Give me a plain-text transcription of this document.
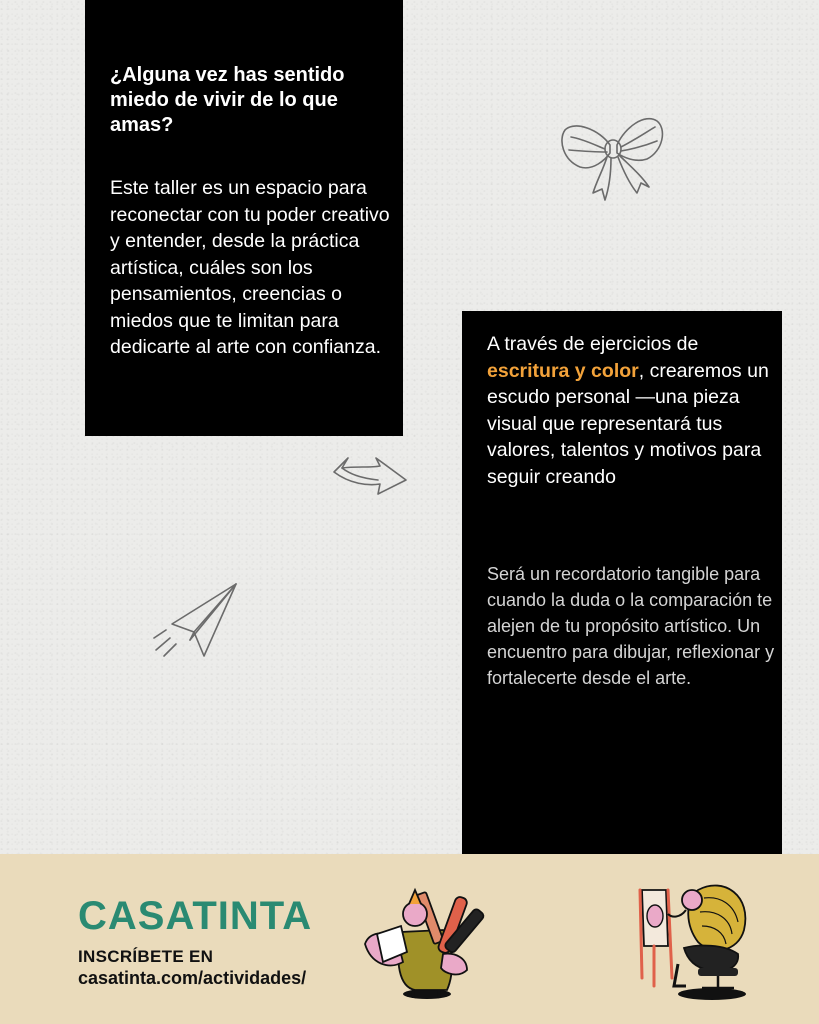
¿Alguna vez has sentido miedo de vivir de lo que amas?

Este taller es un espacio para reconectar con tu poder creativo y entender, desde la práctica artística, cuáles son los pensamientos, creencias o miedos que te limitan para dedicarte al arte con confianza.	A través de ejercicios de escritura y color, crearemos un escudo personal —una pieza visual que representará tus valores, talentos y motivos para seguir creando

Será un recordatorio tangible para cuando la duda o la comparación te alejen de tu propósito artístico. Un encuentro para dibujar, reflexionar y fortalecerte desde el arte.

CASATINTA
INSCRÍBETE EN
casatinta.com/actividades/
